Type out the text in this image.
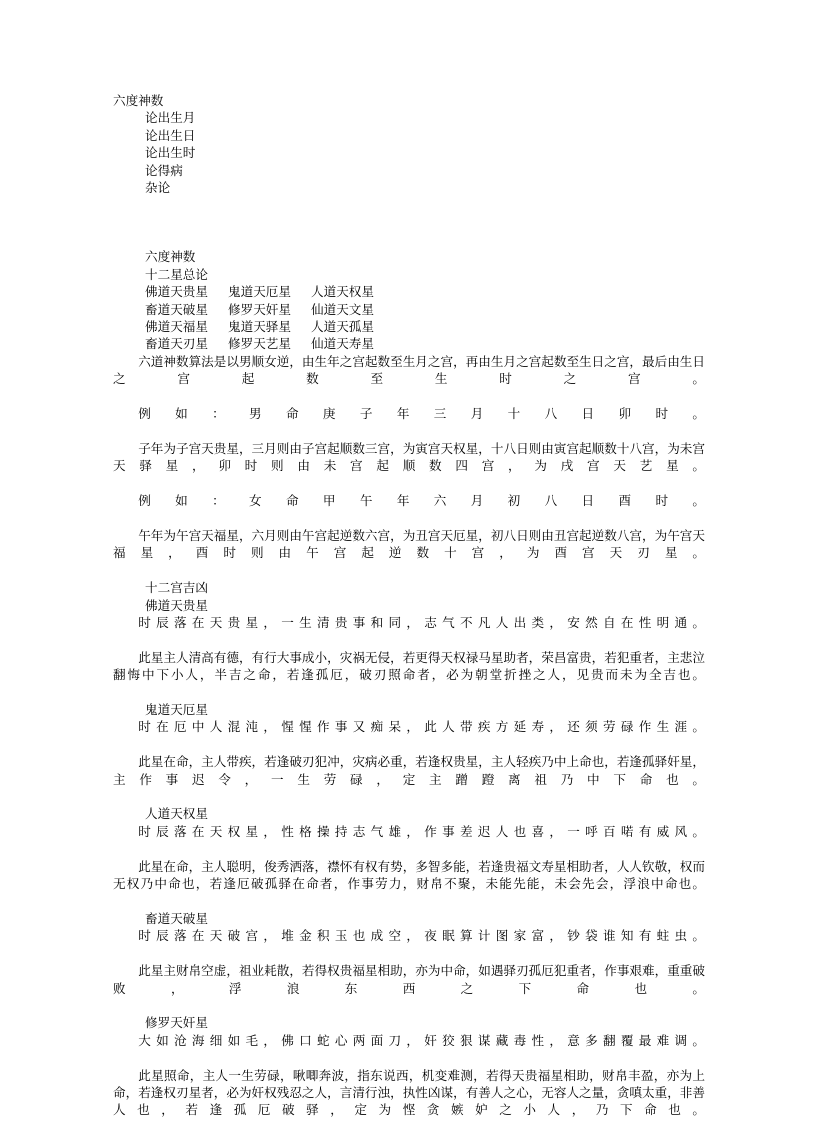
六度神数
论出生月
论出生日
论出生时
论得病
杂论
六度神数
十二星总论
佛道天贵星	鬼道天厄星	人道天权星
畜道天破星	修罗天奸星	仙道天文星
佛道天福星	鬼道天驿星	人道天孤星
畜道天刃星	修罗天艺星	仙道天寿星

六道神数算法是以男顺女逆，由生年之宫起数至生月之宫，再由生月之宫起数至生日之宫，最后由生日之宫起数至生时之宫。

例如：男命庚子年三月十八日卯时。

子年为子宫天贵星，三月则由子宫起顺数三宫，为寅宫天权星，十八日则由寅宫起顺数十八宫，为未宫天驿星，卯时则由未宫起顺数四宫，为戌宫天艺星。

例如：女命甲午年六月初八日酉时。

午年为午宫天福星，六月则由午宫起逆数六宫，为丑宫天厄星，初八日则由丑宫起逆数八宫，为午宫天福星，酉时则由午宫起逆数十宫，为酉宫天刃星。

十二宫吉凶
佛道天贵星

时辰落在天贵星，一生清贵事和同，志气不凡人出类，安然自在性明通。

此星主人清高有德，有行大事成小，灾祸无侵，若更得天权禄马星助者，荣昌富贵，若犯重者，主悲泣翻悔中下小人，半吉之命，若逢孤厄，破刃照命者，必为朝堂折挫之人，见贵而未为全吉也。

鬼道天厄星

时在厄中人混沌，惺惺作事又痴呆，此人带疾方延寿，还须劳碌作生涯。

此星在命，主人带疾，若逢破刃犯冲，灾病必重，若逢权贵星，主人轻疾乃中上命也，若逢孤驿奸星，主作事迟令，一生劳碌，定主蹭蹬离祖乃中下命也。

人道天权星

时辰落在天权星，性格操持志气雄，作事差迟人也喜，一呼百喏有威风。

此星在命，主人聪明，俊秀洒落，襟怀有权有势，多智多能，若逢贵福文寿星相助者，人人钦敬，权而无权乃中命也，若逢厄破孤驿在命者，作事劳力，财帛不聚，未能先能，未会先会，浮浪中命也。

畜道天破星

时辰落在天破宫，堆金积玉也成空，夜眠算计图家富，钞袋谁知有蛀虫。

此星主财帛空虚，祖业耗散，若得权贵福星相助，亦为中命，如遇驿刃孤厄犯重者，作事艰难，重重破败，浮浪东西之下命也。

修罗天奸星

大如沧海细如毛，佛口蛇心两面刀，奸狡狠谋藏毒性，意多翻覆最难调。

此星照命，主人一生劳碌，啾唧奔波，指东说西，机变难测，若得天贵福星相助，财帛丰盈，亦为上命，若逢权刃星者，必为奸权残忍之人，言清行浊，执性凶谋，有善人之心，无容人之量，贪嗔太重，非善人也，若逢孤厄破驿，定为悭贪嫉妒之小人，乃下命也。
